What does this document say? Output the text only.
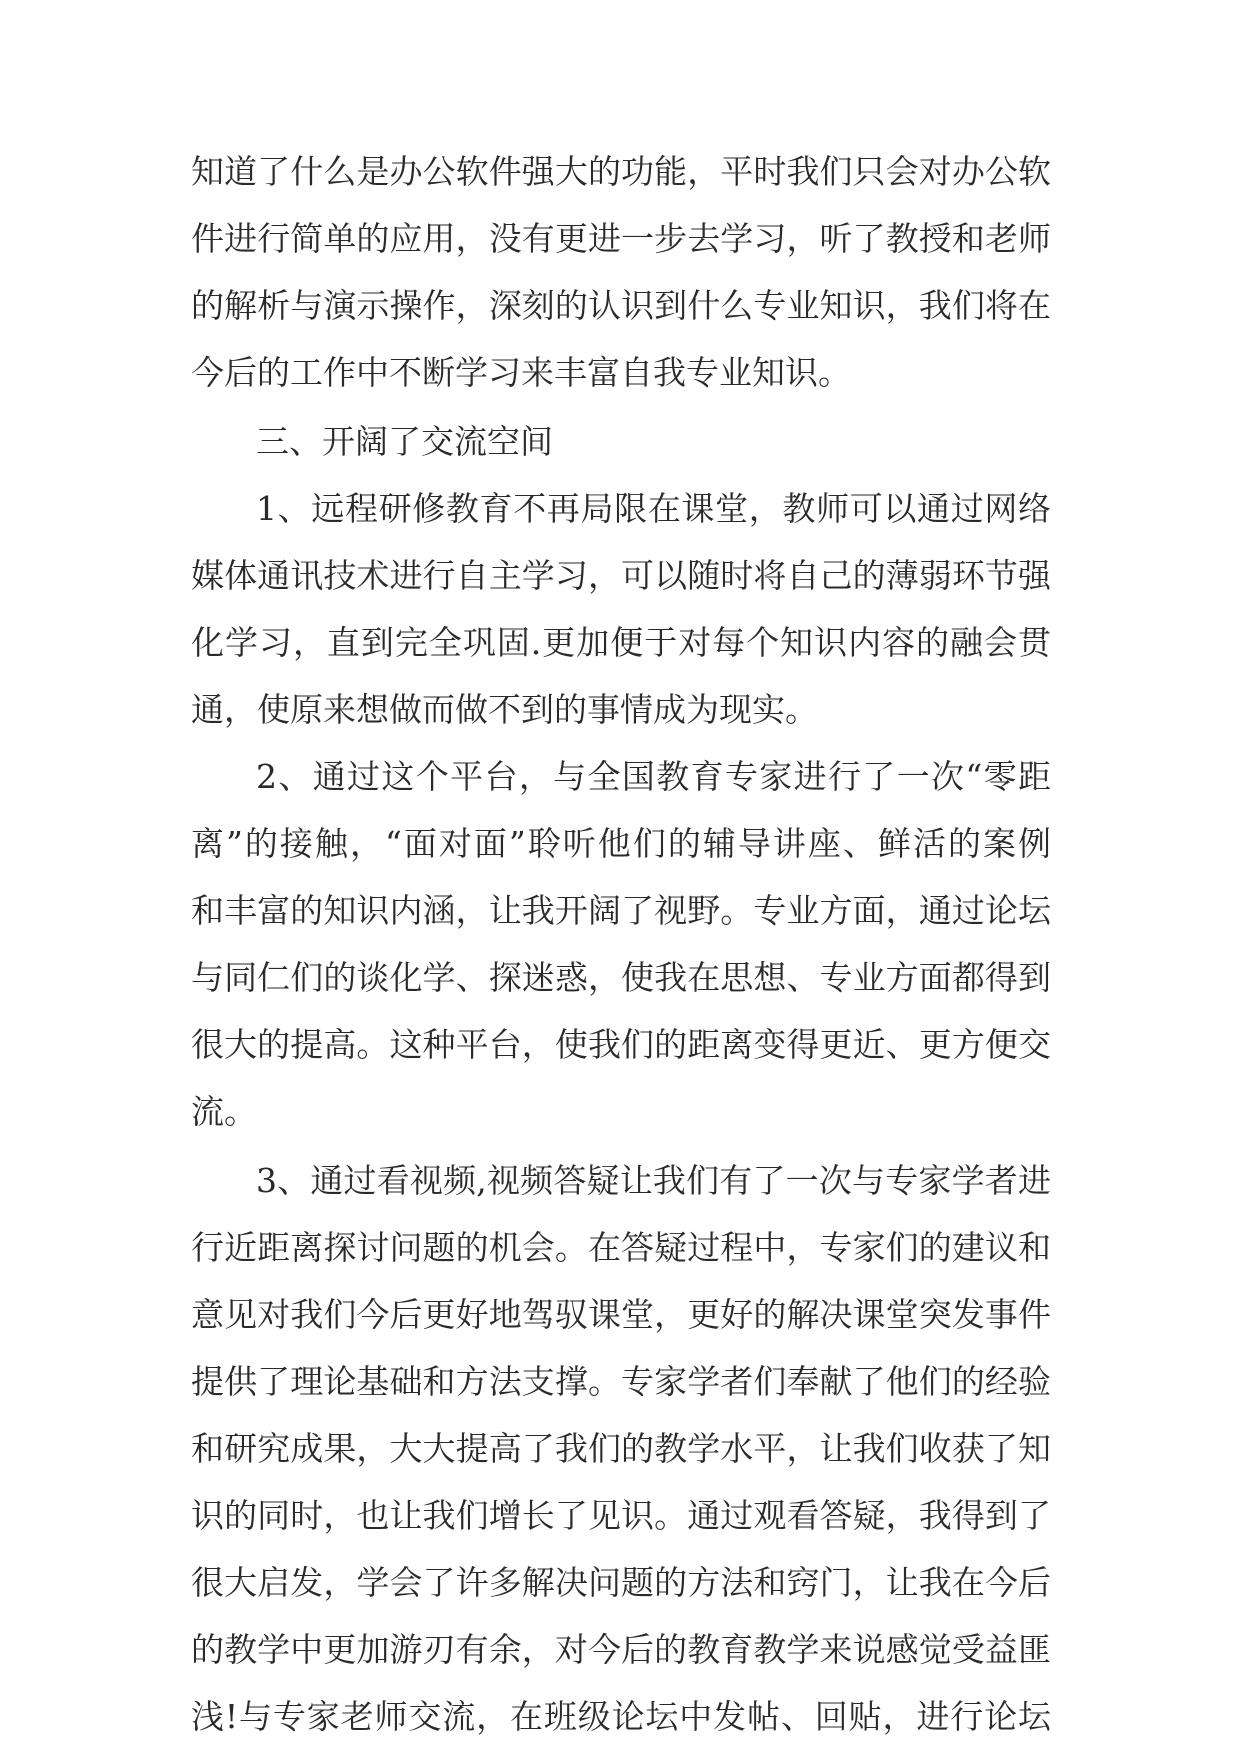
知道了什么是办公软件强大的功能，平时我们只会对办公软
件进行简单的应用，没有更进一步去学习，听了教授和老师
的解析与演示操作，深刻的认识到什么专业知识，我们将在
今后的工作中不断学习来丰富自我专业知识。
三、开阔了交流空间
1、远程研修教育不再局限在课堂，教师可以通过网络
媒体通讯技术进行自主学习，可以随时将自己的薄弱环节强
化学习，直到完全巩固.更加便于对每个知识内容的融会贯
通，使原来想做而做不到的事情成为现实。
2、通过这个平台，与全国教育专家进行了一次“零距
离”的接触，“面对面”聆听他们的辅导讲座、鲜活的案例
和丰富的知识内涵，让我开阔了视野。专业方面，通过论坛
与同仁们的谈化学、探迷惑，使我在思想、专业方面都得到
很大的提高。这种平台，使我们的距离变得更近、更方便交
流。
3、通过看视频,视频答疑让我们有了一次与专家学者进
行近距离探讨问题的机会。在答疑过程中，专家们的建议和
意见对我们今后更好地驾驭课堂，更好的解决课堂突发事件
提供了理论基础和方法支撑。专家学者们奉献了他们的经验
和研究成果，大大提高了我们的教学水平，让我们收获了知
识的同时，也让我们增长了见识。通过观看答疑，我得到了
很大启发，学会了许多解决问题的方法和窍门，让我在今后
的教学中更加游刃有余，对今后的教育教学来说感觉受益匪
浅!与专家老师交流，在班级论坛中发帖、回贴，进行论坛
